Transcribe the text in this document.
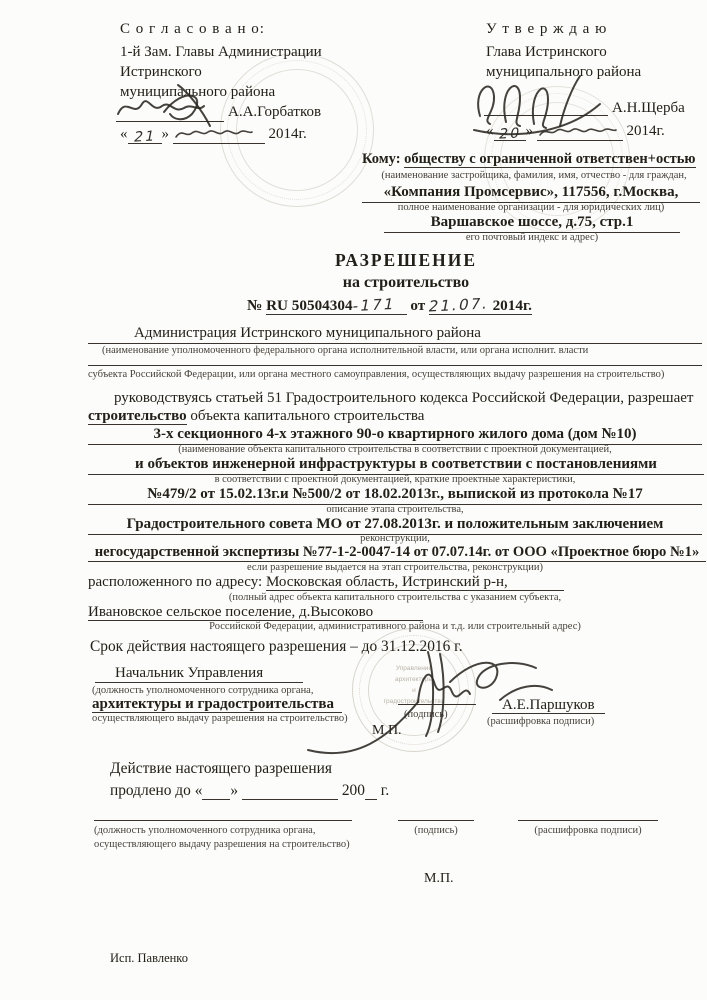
Управление
архитектуры
и
градостроительства
С о г л а с о в а н о:
1-й Зам. Главы Администрации
Истринского
муниципального района
А.А.Горбатков
« 21 »	2014г.
У т в е р ж д а ю
Глава Истринского
муниципального района
А.Н.Щерба
« 20 »	2014г.
Кому: обществу с ограниченной ответствен+остью
(наименование застройщика, фамилия, имя, отчество - для граждан,
«Компания Промсервис», 117556, г.Москва,
полное наименование организации - для юридических лиц)
Варшавское шоссе, д.75, стр.1
его почтовый индекс и адрес)
РАЗРЕШЕНИЕ
на строительство
№ RU 50504304-171 от 21.07. 2014г.
Администрация Истринского муниципального района
(наименование уполномоченного федерального органа исполнительной власти, или органа исполнит. власти
субъекта Российской Федерации, или органа местного самоуправления, осуществляющих выдачу разрешения на строительство)
руководствуясь статьей 51 Градостроительного кодекса Российской Федерации, разрешает
строительство объекта капитального строительства
3-х секционного 4-х этажного 90-о квартирного жилого дома (дом №10)
(наименование объекта капитального строительства в соответствии с проектной документацией,
и объектов инженерной инфраструктуры в соответствии с постановлениями
в соответствии с проектной документацией, краткие проектные характеристики,
№479/2 от 15.02.13г.и №500/2 от 18.02.2013г., выпиской из протокола №17
описание этапа строительства,
Градостроительного совета МО от 27.08.2013г. и положительным заключением
реконструкции,
негосударственной экспертизы №77-1-2-0047-14 от 07.07.14г. от ООО «Проектное бюро №1»
если разрешение выдается на этап строительства, реконструкции)
расположенного по адресу: Московская область, Истринский р-н,
(полный адрес объекта капитального строительства с указанием субъекта,
Ивановское сельское поселение, д.Высоково
Российской Федерации, административного района и т.д. или строительный адрес)
Срок действия настоящего разрешения – до 31.12.2016 г.
Начальник Управления
(должность уполномоченного сотрудника органа,
архитектуры и градостроительства
осуществляющего выдачу разрешения на строительство)	(подпись)
А.Е.Паршуков
(расшифровка подписи)
М.П.
Действие настоящего разрешения
продлено до « »	200 г.
(должность уполномоченного сотрудника органа,
осуществляющего выдачу разрешения на строительство)
(подпись)	(расшифровка подписи)
М.П.
Исп. Павленко
